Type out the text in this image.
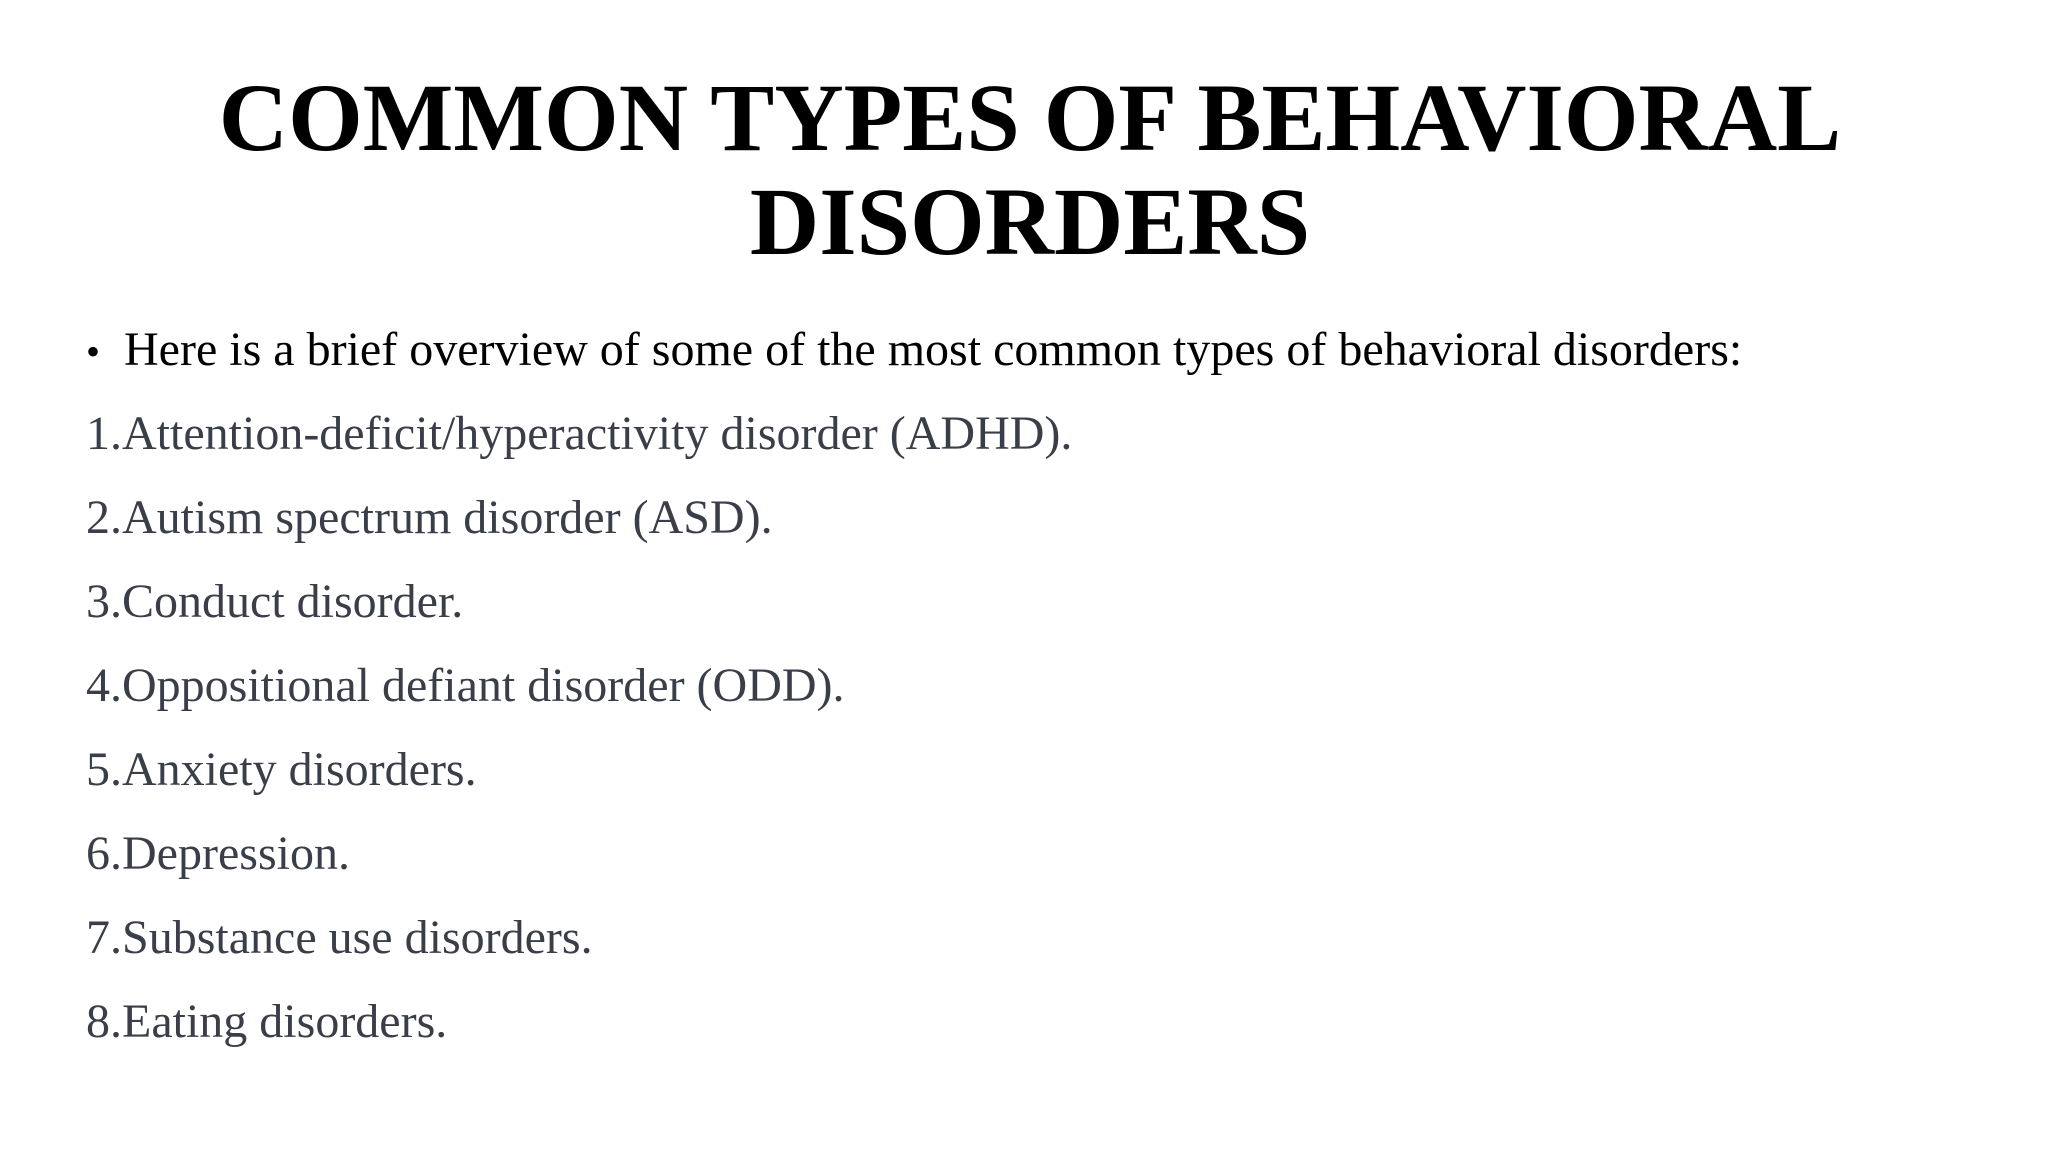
COMMON TYPES OF BEHAVIORAL DISORDERS

• Here is a brief overview of some of the most common types of behavioral disorders:

1.Attention-deficit/hyperactivity disorder (ADHD).
2.Autism spectrum disorder (ASD).
3.Conduct disorder.
4.Oppositional defiant disorder (ODD).
5.Anxiety disorders.
6.Depression.
7.Substance use disorders.
8.Eating disorders.
